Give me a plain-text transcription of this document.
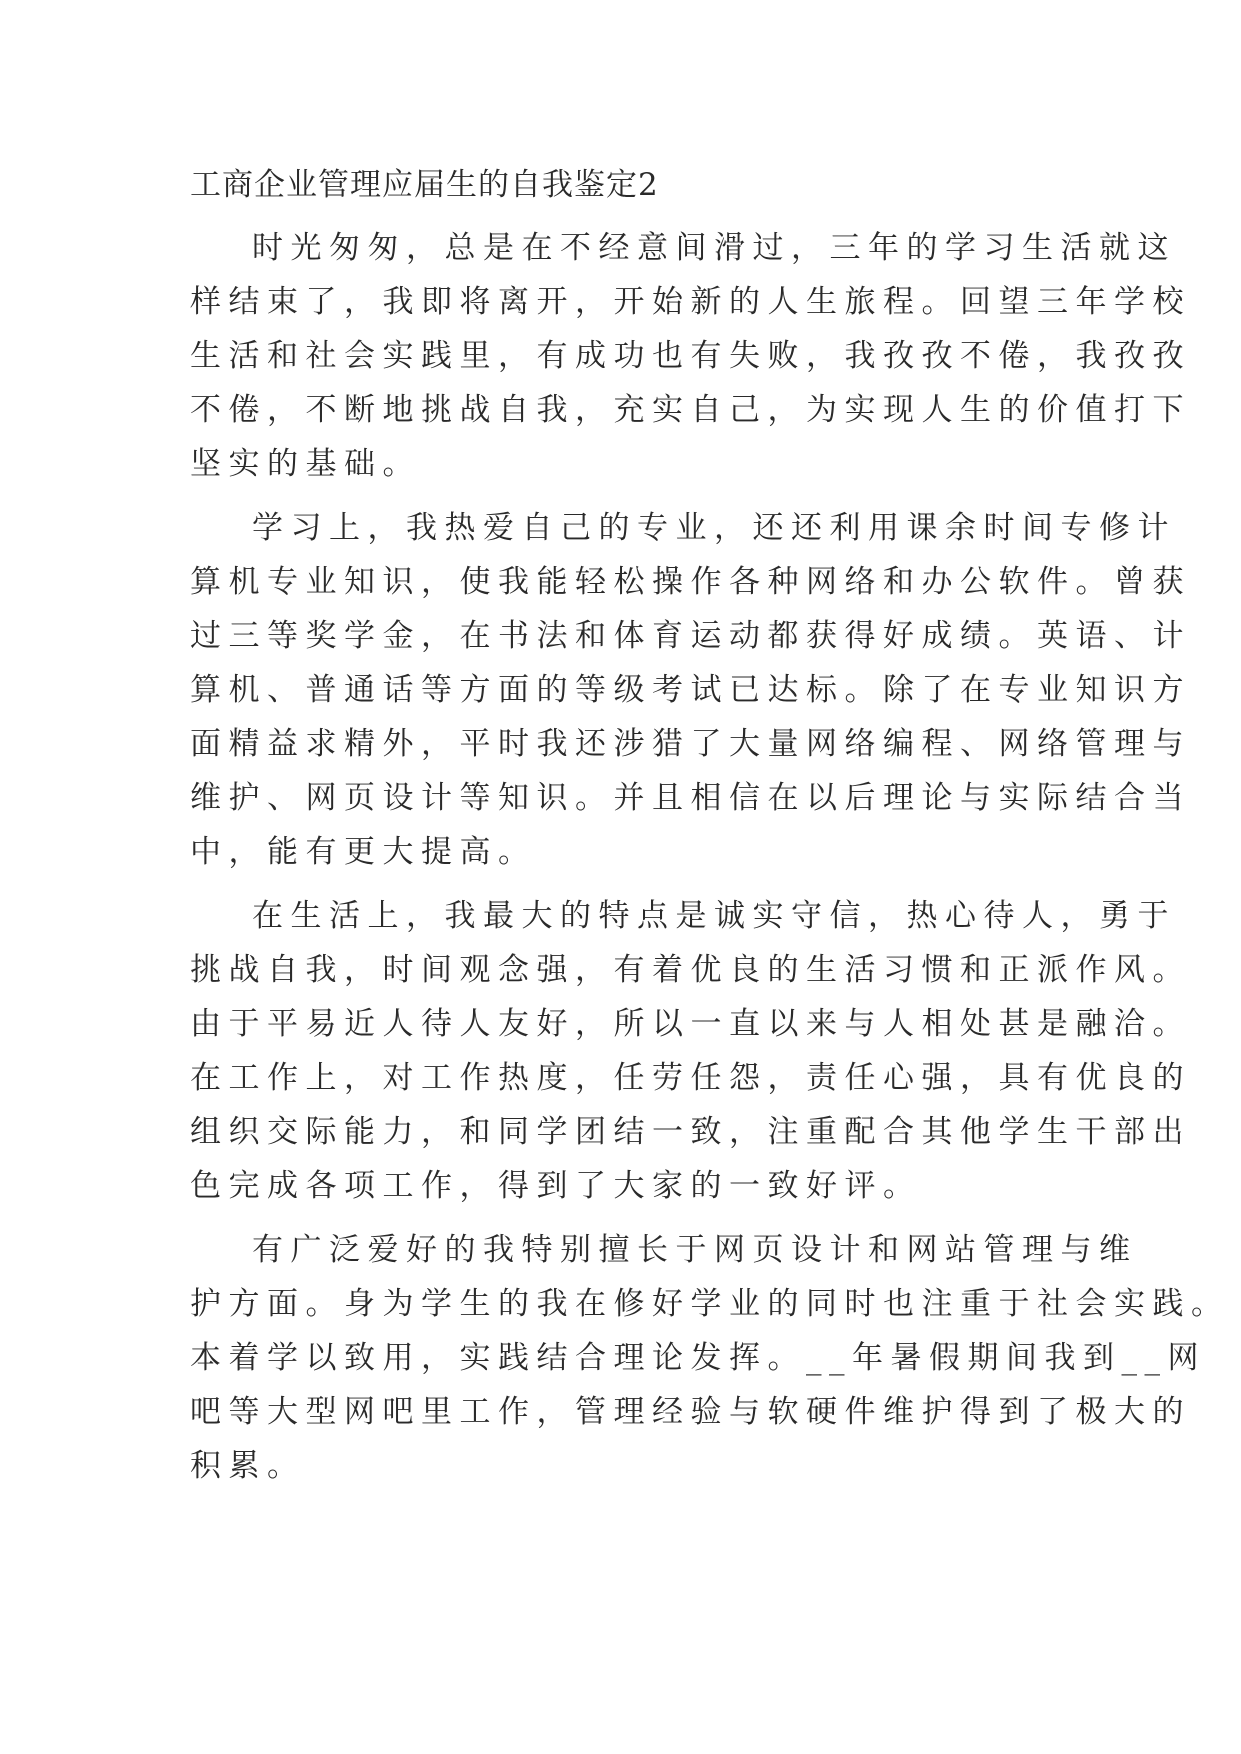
工商企业管理应届生的自我鉴定2
时光匆匆，总是在不经意间滑过，三年的学习生活就这
样结束了，我即将离开，开始新的人生旅程。回望三年学校
生活和社会实践里，有成功也有失败，我孜孜不倦，我孜孜
不倦，不断地挑战自我，充实自己，为实现人生的价值打下
坚实的基础。
学习上，我热爱自己的专业，还还利用课余时间专修计
算机专业知识，使我能轻松操作各种网络和办公软件。曾获
过三等奖学金，在书法和体育运动都获得好成绩。英语、计
算机、普通话等方面的等级考试已达标。除了在专业知识方
面精益求精外，平时我还涉猎了大量网络编程、网络管理与
维护、网页设计等知识。并且相信在以后理论与实际结合当
中，能有更大提高。
在生活上，我最大的特点是诚实守信，热心待人，勇于
挑战自我，时间观念强，有着优良的生活习惯和正派作风。
由于平易近人待人友好，所以一直以来与人相处甚是融洽。
在工作上，对工作热度，任劳任怨，责任心强，具有优良的
组织交际能力，和同学团结一致，注重配合其他学生干部出
色完成各项工作，得到了大家的一致好评。
有广泛爱好的我特别擅长于网页设计和网站管理与维
护方面。身为学生的我在修好学业的同时也注重于社会实践。
本着学以致用，实践结合理论发挥。__年暑假期间我到__网
吧等大型网吧里工作，管理经验与软硬件维护得到了极大的
积累。
